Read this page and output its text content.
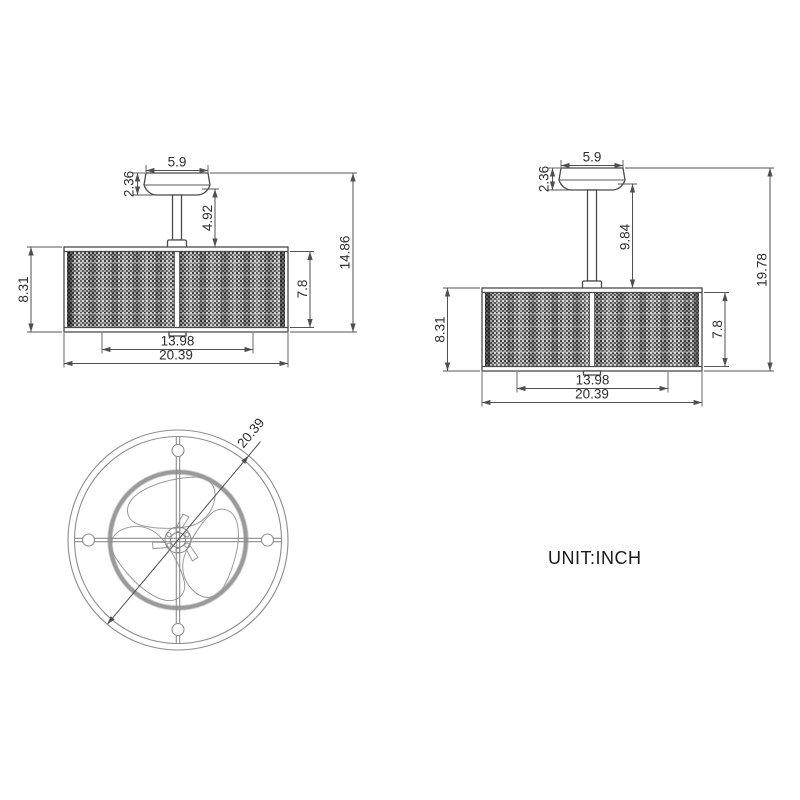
5.9
2.36
4.92
14.86
7.8
8.31
13.98
20.39
5.9
2.36
9.84
19.78
7.8
8.31
13.98
20.39
20.39
UNIT:INCH
